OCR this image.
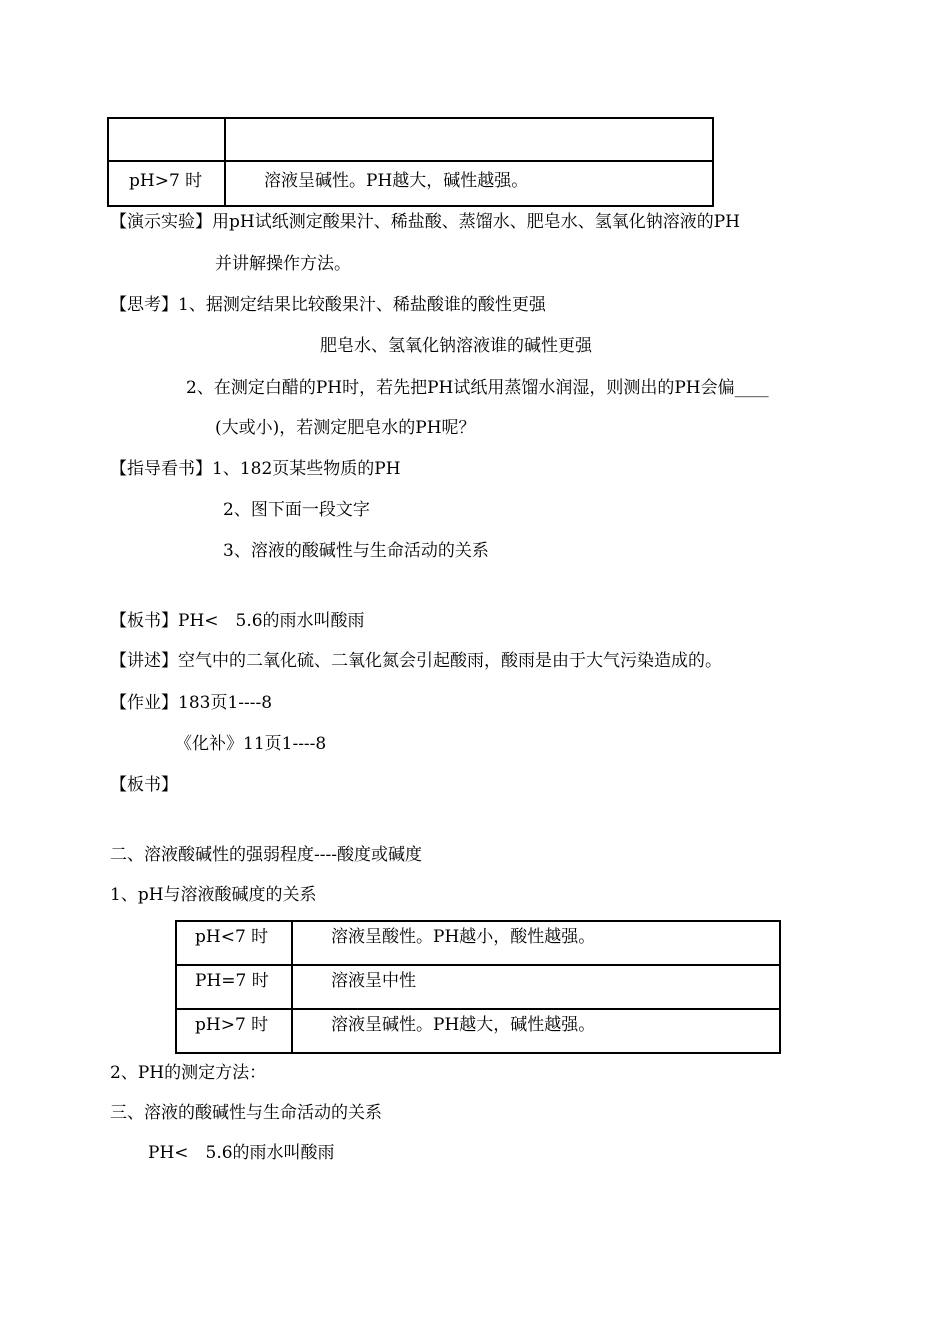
pH>7 时	溶液呈碱性。PH越大，碱性越强。
【演示实验】用pH试纸测定酸果汁、稀盐酸、蒸馏水、肥皂水、氢氧化钠溶液的PH
并讲解操作方法。
【思考】1、据测定结果比较酸果汁、稀盐酸谁的酸性更强
肥皂水、氢氧化钠溶液谁的碱性更强
2、在测定白醋的PH时，若先把PH试纸用蒸馏水润湿，则测出的PH会偏____
(大或小)，若测定肥皂水的PH呢？
【指导看书】1、182页某些物质的PH
2、图下面一段文字
3、溶液的酸碱性与生命活动的关系
【板书】PH<　5.6的雨水叫酸雨
【讲述】空气中的二氧化硫、二氧化氮会引起酸雨，酸雨是由于大气污染造成的。
【作业】183页1----8
《化补》11页1----8
【板书】
二、溶液酸碱性的强弱程度----酸度或碱度
1、pH与溶液酸碱度的关系
pH<7 时	溶液呈酸性。PH越小，酸性越强。

PH=7 时	溶液呈中性

pH>7 时	溶液呈碱性。PH越大，碱性越强。
2、PH的测定方法：
三、溶液的酸碱性与生命活动的关系
PH<　5.6的雨水叫酸雨
